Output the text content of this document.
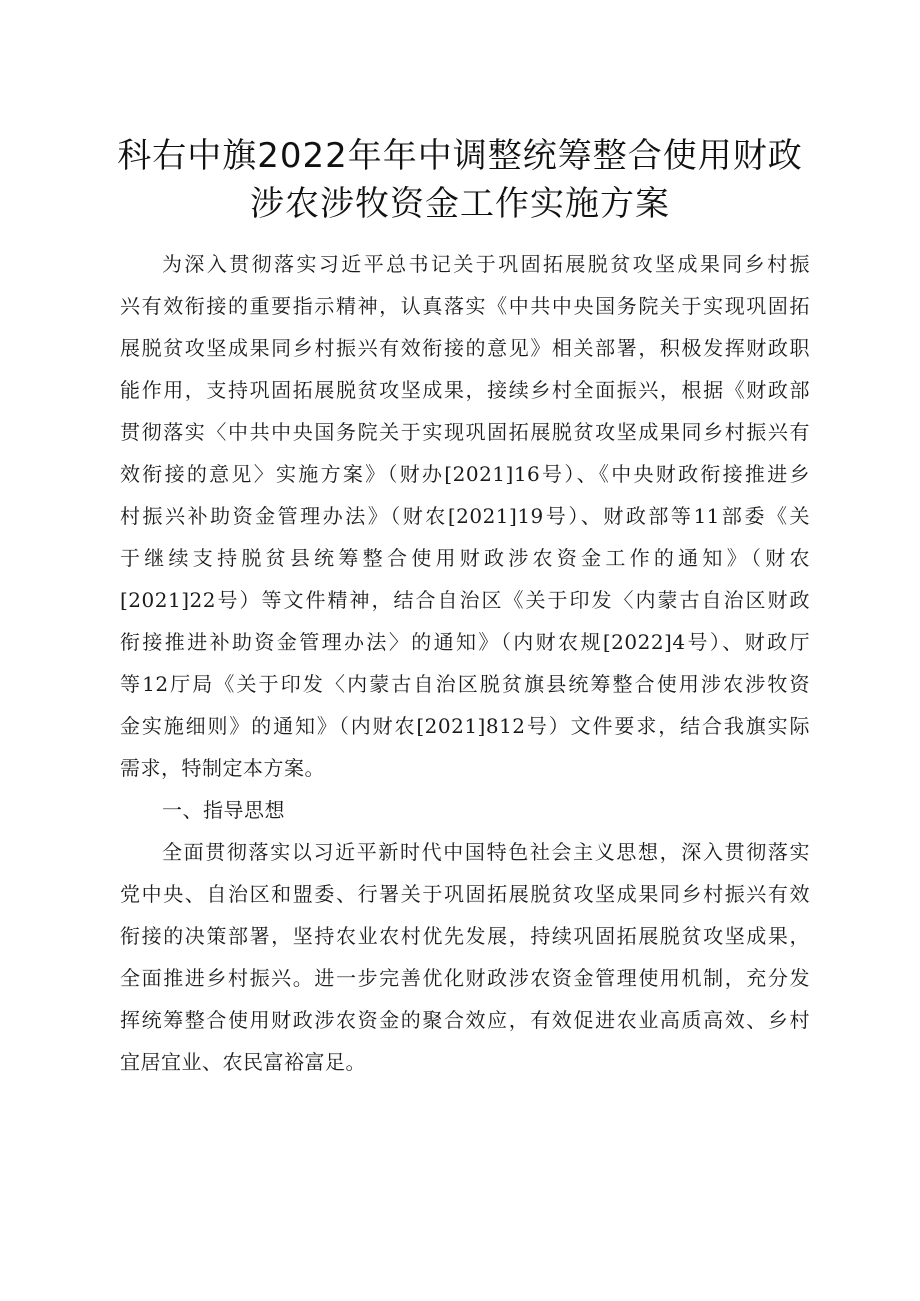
科右中旗2022年年中调整统筹整合使用财政
涉农涉牧资金工作实施方案
为深入贯彻落实习近平总书记关于巩固拓展脱贫攻坚成果同乡村振
兴有效衔接的重要指示精神，认真落实《中共中央国务院关于实现巩固拓
展脱贫攻坚成果同乡村振兴有效衔接的意见》相关部署，积极发挥财政职
能作用，支持巩固拓展脱贫攻坚成果，接续乡村全面振兴，根据《财政部
贯彻落实〈中共中央国务院关于实现巩固拓展脱贫攻坚成果同乡村振兴有
效衔接的意见〉实施方案》（财办[2021]16号）、《中央财政衔接推进乡
村振兴补助资金管理办法》（财农[2021]19号）、财政部等11部委《关
于继续支持脱贫县统筹整合使用财政涉农资金工作的通知》（财农
[2021]22号）等文件精神，结合自治区《关于印发〈内蒙古自治区财政
衔接推进补助资金管理办法〉的通知》（内财农规[2022]4号）、财政厅
等12厅局《关于印发〈内蒙古自治区脱贫旗县统筹整合使用涉农涉牧资
金实施细则》的通知》（内财农[2021]812号）文件要求，结合我旗实际
需求，特制定本方案。
一、指导思想
全面贯彻落实以习近平新时代中国特色社会主义思想，深入贯彻落实
党中央、自治区和盟委、行署关于巩固拓展脱贫攻坚成果同乡村振兴有效
衔接的决策部署，坚持农业农村优先发展，持续巩固拓展脱贫攻坚成果，
全面推进乡村振兴。进一步完善优化财政涉农资金管理使用机制，充分发
挥统筹整合使用财政涉农资金的聚合效应，有效促进农业高质高效、乡村
宜居宜业、农民富裕富足。
